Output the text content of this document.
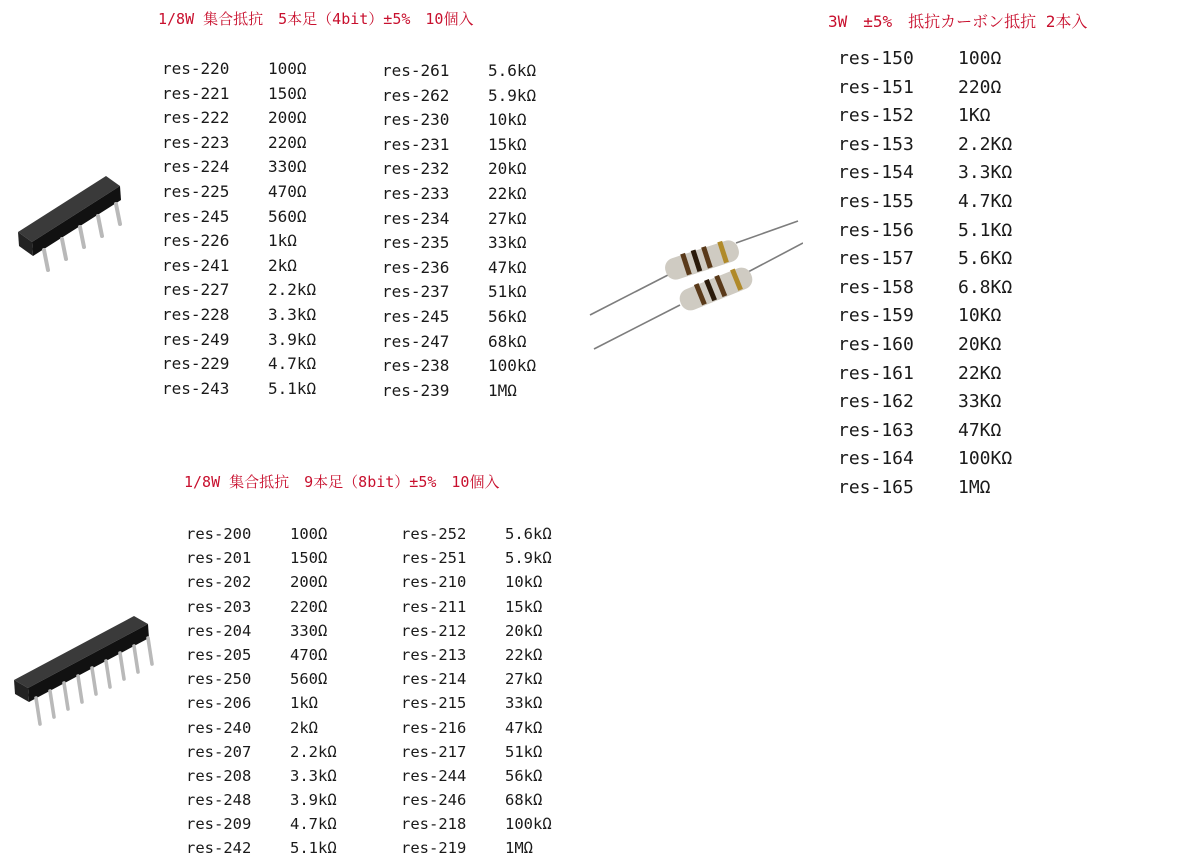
1/8W 集合抵抗　5本足（4bit）±5%　10個入
1/8W 集合抵抗　9本足（8bit）±5%　10個入
3W　±5%　抵抗カーボン抵抗 2本入
res-220	100Ω
res-221	150Ω
res-222	200Ω
res-223	220Ω
res-224	330Ω
res-225	470Ω
res-245	560Ω
res-226	1kΩ
res-241	2kΩ
res-227	2.2kΩ
res-228	3.3kΩ
res-249	3.9kΩ
res-229	4.7kΩ
res-243	5.1kΩ
res-261	5.6kΩ
res-262	5.9kΩ
res-230	10kΩ
res-231	15kΩ
res-232	20kΩ
res-233	22kΩ
res-234	27kΩ
res-235	33kΩ
res-236	47kΩ
res-237	51kΩ
res-245	56kΩ
res-247	68kΩ
res-238	100kΩ
res-239	1MΩ
res-200	100Ω
res-201	150Ω
res-202	200Ω
res-203	220Ω
res-204	330Ω
res-205	470Ω
res-250	560Ω
res-206	1kΩ
res-240	2kΩ
res-207	2.2kΩ
res-208	3.3kΩ
res-248	3.9kΩ
res-209	4.7kΩ
res-242	5.1kΩ
res-252	5.6kΩ
res-251	5.9kΩ
res-210	10kΩ
res-211	15kΩ
res-212	20kΩ
res-213	22kΩ
res-214	27kΩ
res-215	33kΩ
res-216	47kΩ
res-217	51kΩ
res-244	56kΩ
res-246	68kΩ
res-218	100kΩ
res-219	1MΩ
res-150	100Ω
res-151	220Ω
res-152	1KΩ
res-153	2.2KΩ
res-154	3.3KΩ
res-155	4.7KΩ
res-156	5.1KΩ
res-157	5.6KΩ
res-158	6.8KΩ
res-159	10KΩ
res-160	20KΩ
res-161	22KΩ
res-162	33KΩ
res-163	47KΩ
res-164	100KΩ
res-165	1MΩ
